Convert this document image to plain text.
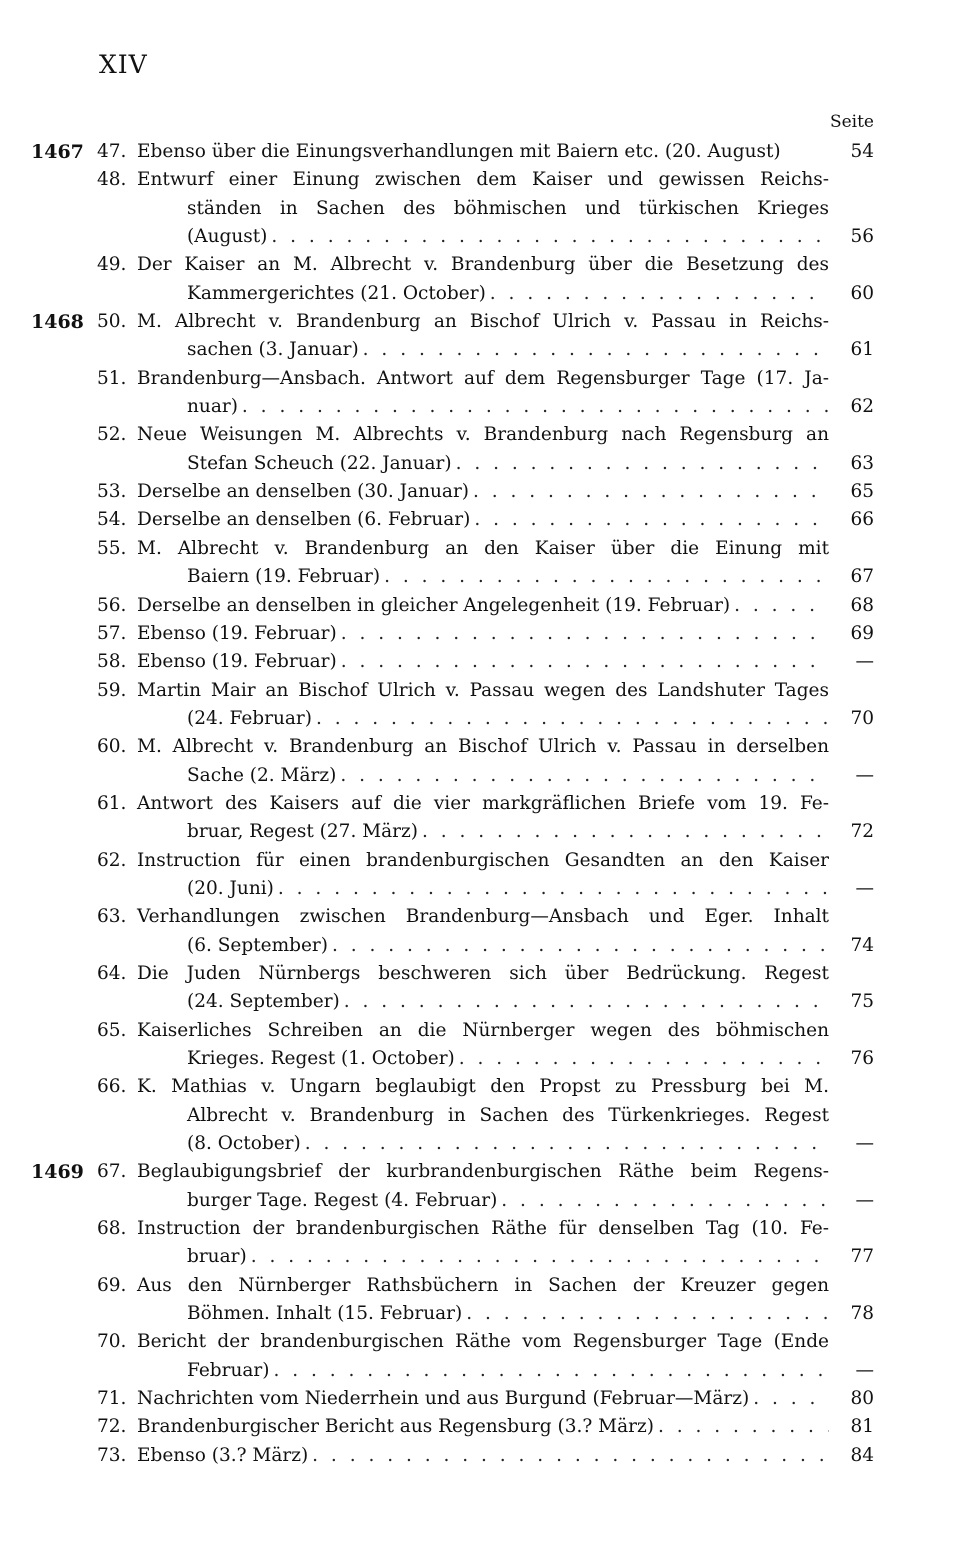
XIV
Seite
1467 47. Ebenso über die Einungsverhandlungen mit Baiern etc. (20. August)	54
48. Entwurf einer Einung zwischen dem Kaiser und gewissen Reichs-
ständen in Sachen des böhmischen und türkischen Krieges
(August) . . .	56
49. Der Kaiser an M. Albrecht v. Brandenburg über die Besetzung des
Kammergerichtes (21. October) . . .	60
1468 50. M. Albrecht v. Brandenburg an Bischof Ulrich v. Passau in Reichs-
sachen (3. Januar) . . .	61
51. Brandenburg—Ansbach. Antwort auf dem Regensburger Tage (17. Ja-
nuar) . . .	62
52. Neue Weisungen M. Albrechts v. Brandenburg nach Regensburg an
Stefan Scheuch (22. Januar) . . .	63
53. Derselbe an denselben (30. Januar) . . .	65
54. Derselbe an denselben (6. Februar) . . .	66
55. M. Albrecht v. Brandenburg an den Kaiser über die Einung mit
Baiern (19. Februar) . . .	67
56. Derselbe an denselben in gleicher Angelegenheit (19. Februar) . . .	68
57. Ebenso (19. Februar) . . .	69
58. Ebenso (19. Februar) . . .	—
59. Martin Mair an Bischof Ulrich v. Passau wegen des Landshuter Tages
(24. Februar) . . .	70
60. M. Albrecht v. Brandenburg an Bischof Ulrich v. Passau in derselben
Sache (2. März) . . .	—
61. Antwort des Kaisers auf die vier markgräflichen Briefe vom 19. Fe-
bruar, Regest (27. März) . . .	72
62. Instruction für einen brandenburgischen Gesandten an den Kaiser
(20. Juni) . . .	—
63. Verhandlungen zwischen Brandenburg—Ansbach und Eger. Inhalt
(6. September) . . .	74
64. Die Juden Nürnbergs beschweren sich über Bedrückung. Regest
(24. September) . . .	75
65. Kaiserliches Schreiben an die Nürnberger wegen des böhmischen
Krieges. Regest (1. October) . . .	76
66. K. Mathias v. Ungarn beglaubigt den Propst zu Pressburg bei M.
Albrecht v. Brandenburg in Sachen des Türkenkrieges. Regest
(8. October) . . .	—
1469 67. Beglaubigungsbrief der kurbrandenburgischen Räthe beim Regens-
burger Tage. Regest (4. Februar) . . .	—
68. Instruction der brandenburgischen Räthe für denselben Tag (10. Fe-
bruar) . . .	77
69. Aus den Nürnberger Rathsbüchern in Sachen der Kreuzer gegen
Böhmen. Inhalt (15. Februar) . . .	78
70. Bericht der brandenburgischen Räthe vom Regensburger Tage (Ende
Februar) . . .	—
71. Nachrichten vom Niederrhein und aus Burgund (Februar—März) . . .	80
72. Brandenburgischer Bericht aus Regensburg (3.? März) . . .	81
73. Ebenso (3.? März) . . .	84
